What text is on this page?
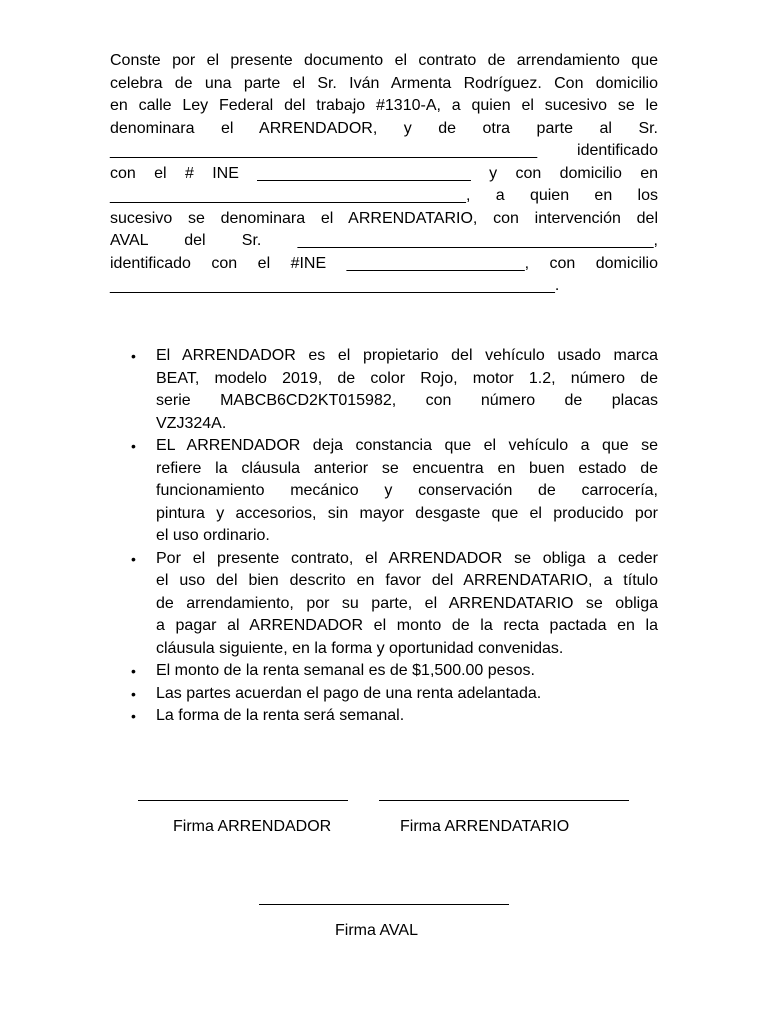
Conste por el presente documento el contrato de arrendamiento que
celebra de una parte el Sr. Iván Armenta Rodríguez. Con domicilio
en calle Ley Federal del trabajo #1310-A, a quien el sucesivo se le
denominara el ARRENDADOR, y de otra parte al Sr.
________________________________________________ identificado
con el # INE ________________________ y con domicilio en
________________________________________, a quien en los
sucesivo se denominara el ARRENDATARIO, con intervención del
AVAL del Sr. ________________________________________,
identificado con el #INE ____________________, con domicilio
__________________________________________________.
• El ARRENDADOR es el propietario del vehículo usado marca
BEAT, modelo 2019, de color Rojo, motor 1.2, número de
serie MABCB6CD2KT015982, con número de placas
VZJ324A.
• EL ARRENDADOR deja constancia que el vehículo a que se
refiere la cláusula anterior se encuentra en buen estado de
funcionamiento mecánico y conservación de carrocería,
pintura y accesorios, sin mayor desgaste que el producido por
el uso ordinario.
• Por el presente contrato, el ARRENDADOR se obliga a ceder
el uso del bien descrito en favor del ARRENDATARIO, a título
de arrendamiento, por su parte, el ARRENDATARIO se obliga
a pagar al ARRENDADOR el monto de la recta pactada en la
cláusula siguiente, en la forma y oportunidad convenidas.
• El monto de la renta semanal es de $1,500.00 pesos.
• Las partes acuerdan el pago de una renta adelantada.
• La forma de la renta será semanal.
Firma ARRENDADOR	Firma ARRENDATARIO
Firma AVAL
